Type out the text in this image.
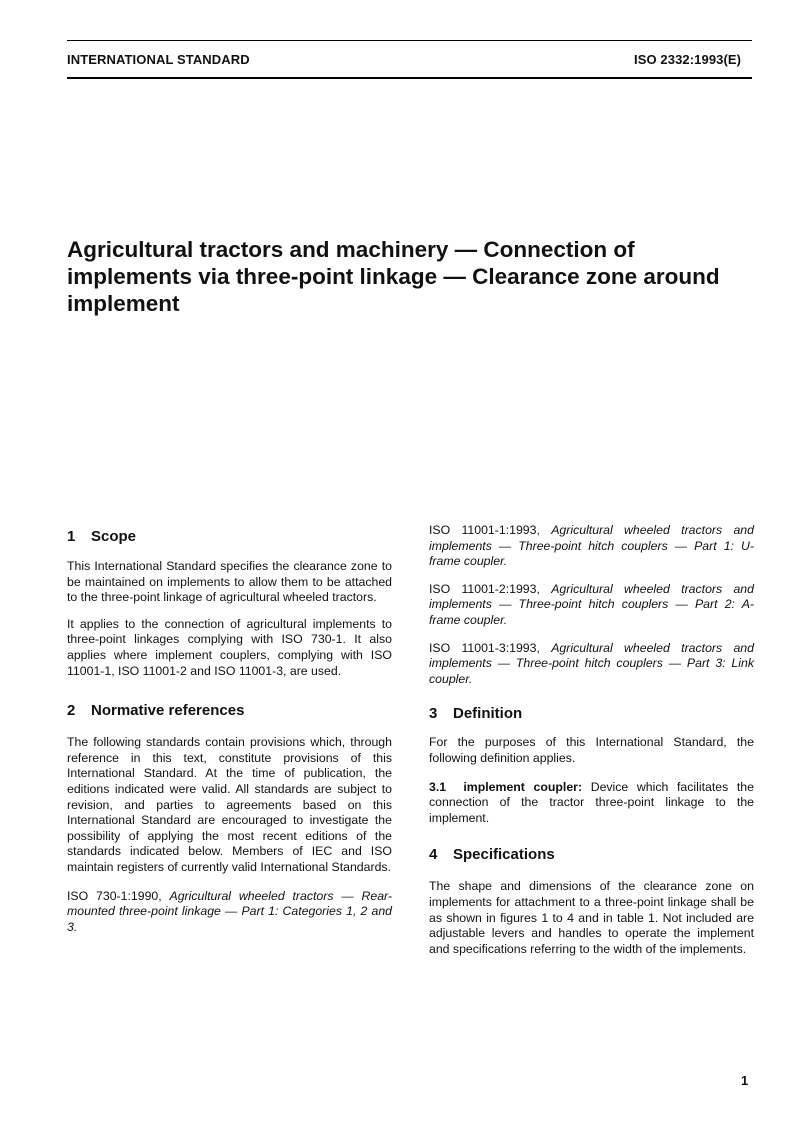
INTERNATIONAL STANDARD	ISO 2332:1993(E)
Agricultural tractors and machinery — Connection of implements via three-point linkage — Clearance zone around implement
1 Scope

This International Standard specifies the clearance zone to be maintained on implements to allow them to be attached to the three-point linkage of agricultural wheeled tractors.

It applies to the connection of agricultural implements to three-point linkages complying with ISO 730-1. It also applies where implement couplers, complying with ISO 11001-1, ISO 11001-2 and ISO 11001-3, are used.

2 Normative references

The following standards contain provisions which, through reference in this text, constitute provisions of this International Standard. At the time of publication, the editions indicated were valid. All standards are subject to revision, and parties to agreements based on this International Standard are encouraged to investigate the possibility of applying the most recent editions of the standards indicated below. Members of IEC and ISO maintain registers of currently valid International Standards.

ISO 730-1:1990, Agricultural wheeled tractors — Rear-mounted three-point linkage — Part 1: Categories 1, 2 and 3.

ISO 11001-1:1993, Agricultural wheeled tractors and implements — Three-point hitch couplers — Part 1: U-frame coupler.

ISO 11001-2:1993, Agricultural wheeled tractors and implements — Three-point hitch couplers — Part 2: A-frame coupler.

ISO 11001-3:1993, Agricultural wheeled tractors and implements — Three-point hitch couplers — Part 3: Link coupler.

3 Definition

For the purposes of this International Standard, the following definition applies.

3.1 implement coupler: Device which facilitates the connection of the tractor three-point linkage to the implement.

4 Specifications

The shape and dimensions of the clearance zone on implements for attachment to a three-point linkage shall be as shown in figures 1 to 4 and in table 1. Not included are adjustable levers and handles to operate the implement and specifications referring to the width of the implements.

1
